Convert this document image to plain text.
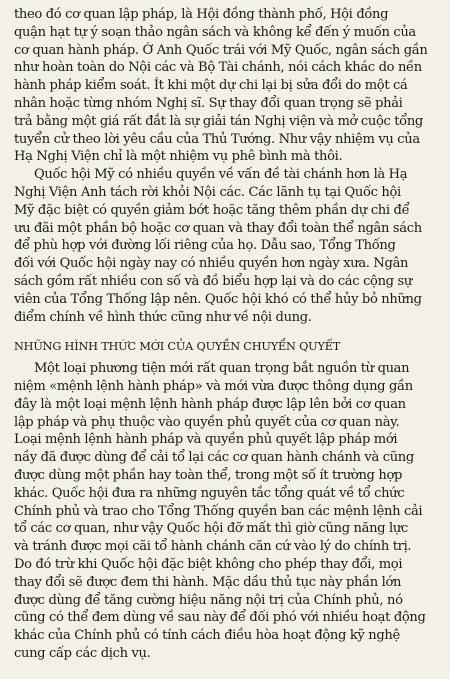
theo đó cơ quan lập pháp, là Hội đồng thành phố, Hội đồng
quận hạt tự ý soạn thảo ngân sách và không kể đến ý muốn của
cơ quan hành pháp. Ở Anh Quốc trái với Mỹ Quốc, ngân sách gần
như hoàn toàn do Nội các và Bộ Tài chánh, nói cách khác do nền
hành pháp kiểm soát. Ít khi một dự chi lại bị sửa đổi do một cá
nhân hoặc từng nhóm Nghị sĩ. Sự thay đổi quan trọng sẽ phải
trả bằng một giá rất đắt là sự giải tán Nghị viện và mở cuộc tổng
tuyển cử theo lời yêu cầu của Thủ Tướng. Như vậy nhiệm vụ của
Hạ Nghị Viện chỉ là một nhiệm vụ phê bình mà thôi.
Quốc hội Mỹ có nhiều quyền về vấn đề tài chánh hơn là Hạ
Nghị Viện Anh tách rời khỏi Nội các. Các lãnh tụ tại Quốc hội
Mỹ đặc biệt có quyền giảm bớt hoặc tăng thêm phần dự chi để
ưu đãi một phần bộ hoặc cơ quan và thay đổi toàn thể ngân sách
để phù hợp với đường lối riêng của họ. Dẫu sao, Tổng Thống
đối với Quốc hội ngày nay có nhiều quyền hơn ngày xưa. Ngân
sách gồm rất nhiều con số và đồ biểu hợp lại và do các cộng sự
viên của Tổng Thống lập nên. Quốc hội khó có thể hủy bỏ những
điểm chính về hình thức cũng như về nội dung.
NHỮNG HÌNH THỨC MỚI CỦA QUYỀN CHUYỂN QUYẾT
Một loại phương tiện mới rất quan trọng bắt nguồn từ quan
niệm «mệnh lệnh hành pháp» và mới vừa được thông dụng gần
đây là một loại mệnh lệnh hành pháp được lập lên bởi cơ quan
lập pháp và phụ thuộc vào quyền phủ quyết của cơ quan này.
Loại mệnh lệnh hành pháp và quyền phủ quyết lập pháp mới
nầy đã được dùng để cải tổ lại các cơ quan hành chánh và cũng
được dùng một phần hay toàn thể, trong một số ít trường hợp
khác. Quốc hội đưa ra những nguyên tắc tổng quát về tổ chức
Chính phủ và trao cho Tổng Thống quyền ban các mệnh lệnh cải
tổ các cơ quan, như vậy Quốc hội đỡ mất thì giờ cũng năng lực
và tránh được mọi cãi tổ hành chánh căn cứ vào lý do chính trị.
Do đó trừ khi Quốc hội đặc biệt không cho phép thay đổi, mọi
thay đổi sẽ được đem thi hành. Mặc dầu thủ tục này phần lớn
được dùng để tăng cường hiệu năng nội trị của Chính phủ, nó
cũng có thể đem dùng về sau này để đối phó với nhiều hoạt động
khác của Chính phủ có tính cách điều hòa hoạt động kỹ nghệ
cung cấp các dịch vụ.
